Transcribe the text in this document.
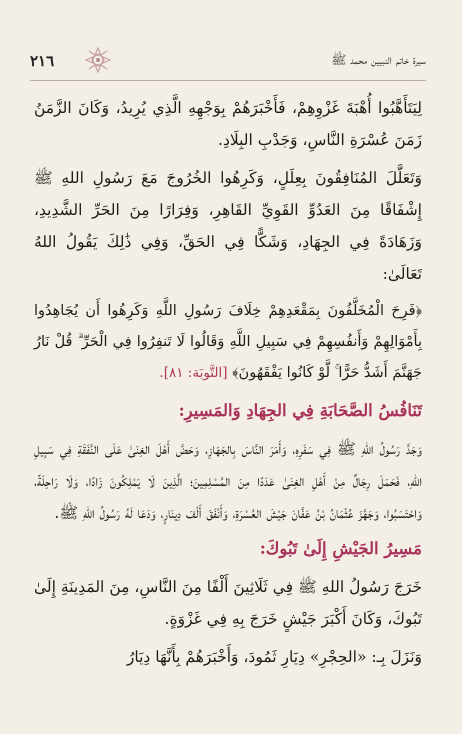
٢١٦	سيرة خاتم النبيين محمد ﷺ

لِيَتَأَهَّبُوا أُهْبَةَ غَزْوِهِمْ، فَأَخْبَرَهُمْ بِوَجْهِهِ الَّذِي يُرِيدُ، وَكَانَ الزَّمَنُ زَمَنَ عُسْرَةِ النَّاسِ، وَجَدْبِ البِلَادِ.

وَتَعَلَّلَ المُنَافِقُونَ بِعِلَلٍ، وَكَرِهُوا الخُرُوجَ مَعَ رَسُولِ اللهِ ﷺ إِشْفَاقًا مِنَ العَدُوِّ القَوِيِّ القَاهِرِ، وَفِرَارًا مِنَ الحَرِّ الشَّدِيدِ، وَزَهَادَةً فِي الجِهَادِ، وَشَكًّا فِي الحَقِّ، وَفِي ذَٰلِكَ يَقُولُ اللهُ تَعَالَىٰ:

﴿فَرِحَ الْمُخَلَّفُونَ بِمَقْعَدِهِمْ خِلَافَ رَسُولِ اللَّهِ وَكَرِهُوا أَن يُجَاهِدُوا بِأَمْوَالِهِمْ وَأَنفُسِهِمْ فِي سَبِيلِ اللَّهِ وَقَالُوا لَا تَنفِرُوا فِي الْحَرِّ ۗ قُلْ نَارُ جَهَنَّمَ أَشَدُّ حَرًّا ۚ لَّوْ كَانُوا يَفْقَهُونَ﴾ [التَّوبَة: ٨١].

تَنَافُسُ الصَّحَابَةِ فِي الجِهَادِ وَالمَسِيرِ:

وَجَدَّ رَسُولُ اللهِ ﷺ فِي سَفَرِهِ، وَأَمَرَ النَّاسَ بِالجَهَازِ، وَحَضَّ أَهْلَ الغِنَىٰ عَلَى النَّفَقَةِ فِي سَبِيلِ اللهِ، فَحَمَلَ رِجَالٌ مِنْ أَهْلِ الغِنَىٰ عَدَدًا مِنَ المُسْلِمِينَ؛ الَّذِينَ لَا يَمْلِكُونَ زَادًا، وَلَا رَاحِلَةً، وَاحْتَسَبُوا، وَجَهَّزَ عُثْمَانُ بْنُ عَفَّانَ جَيْشَ العُسْرَةِ، وَأَنْفَقَ أَلْفَ دِينَارٍ، وَدَعَا لَهُ رَسُولُ اللهِ ﷺ.

مَسِيرُ الجَيْشِ إِلَىٰ تَبُوكَ:

خَرَجَ رَسُولُ اللهِ ﷺ فِي ثَلَاثِينَ أَلْفًا مِنَ النَّاسِ، مِنَ المَدِينَةِ إِلَىٰ تَبُوكَ، وَكَانَ أَكْبَرَ جَيْشٍ خَرَجَ بِهِ فِي غَزْوَةٍ.

وَنَزَلَ بِـ: «الحِجْرِ» دِيَارِ ثَمُودَ، وَأَخْبَرَهُمْ بِأَنَّهَا دِيَارُ
